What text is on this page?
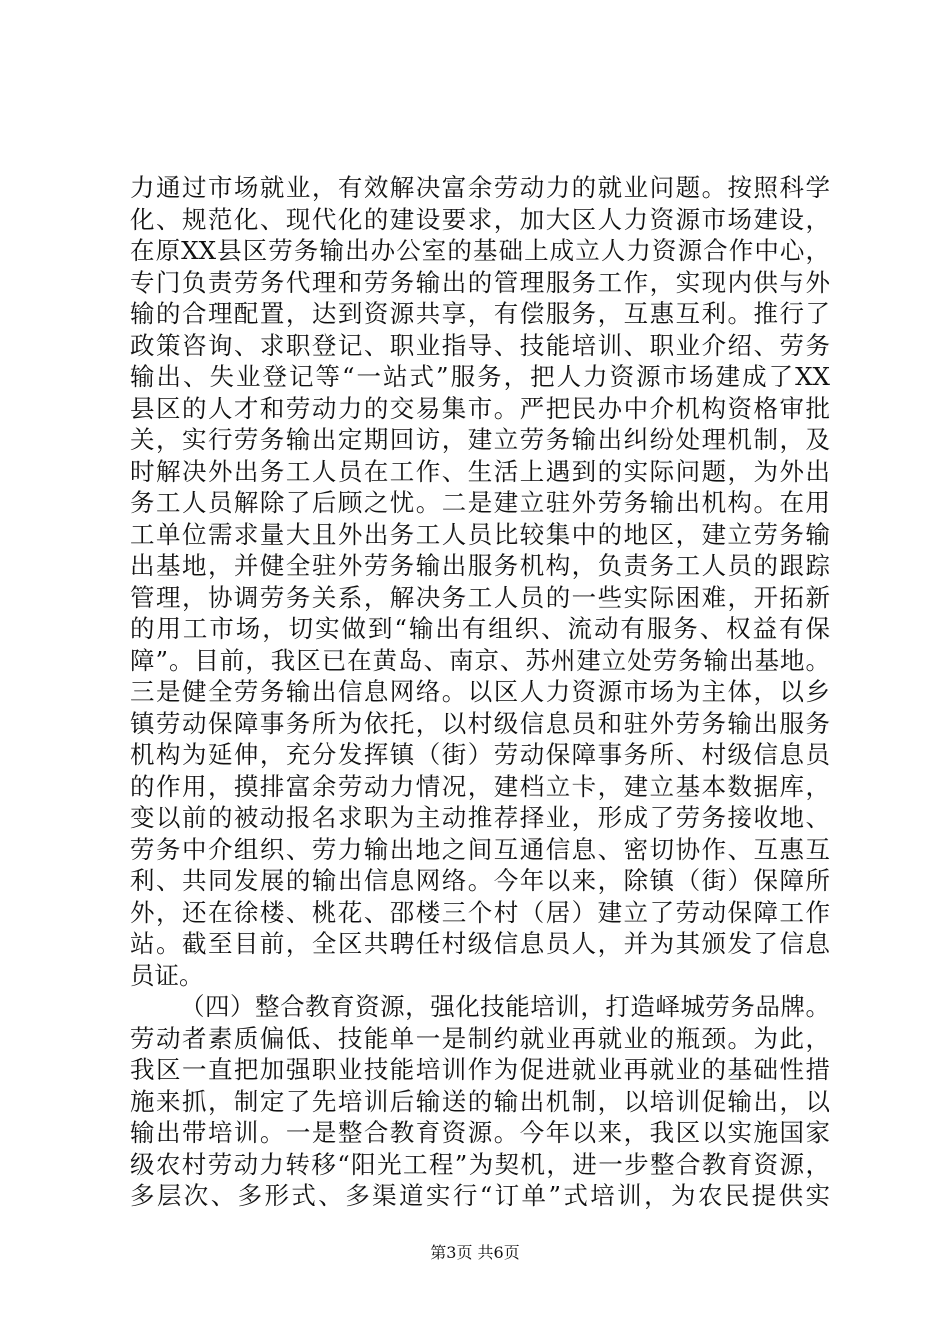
力通过市场就业，有效解决富余劳动力的就业问题。按照科学
化、规范化、现代化的建设要求，加大区人力资源市场建设，
在原XX县区劳务输出办公室的基础上成立人力资源合作中心，
专门负责劳务代理和劳务输出的管理服务工作，实现内供与外
输的合理配置，达到资源共享，有偿服务，互惠互利。推行了
政策咨询、求职登记、职业指导、技能培训、职业介绍、劳务
输出、失业登记等“一站式”服务，把人力资源市场建成了XX
县区的人才和劳动力的交易集市。严把民办中介机构资格审批
关，实行劳务输出定期回访，建立劳务输出纠纷处理机制，及
时解决外出务工人员在工作、生活上遇到的实际问题，为外出
务工人员解除了后顾之忧。二是建立驻外劳务输出机构。在用
工单位需求量大且外出务工人员比较集中的地区，建立劳务输
出基地，并健全驻外劳务输出服务机构，负责务工人员的跟踪
管理，协调劳务关系，解决务工人员的一些实际困难，开拓新
的用工市场，切实做到“输出有组织、流动有服务、权益有保
障”。目前，我区已在黄岛、南京、苏州建立处劳务输出基地。
三是健全劳务输出信息网络。以区人力资源市场为主体，以乡
镇劳动保障事务所为依托，以村级信息员和驻外劳务输出服务
机构为延伸，充分发挥镇（街）劳动保障事务所、村级信息员
的作用，摸排富余劳动力情况，建档立卡，建立基本数据库，
变以前的被动报名求职为主动推荐择业，形成了劳务接收地、
劳务中介组织、劳力输出地之间互通信息、密切协作、互惠互
利、共同发展的输出信息网络。今年以来，除镇（街）保障所
外，还在徐楼、桃花、邵楼三个村（居）建立了劳动保障工作
站。截至目前，全区共聘任村级信息员人，并为其颁发了信息
员证。
（四）整合教育资源，强化技能培训，打造峄城劳务品牌。
劳动者素质偏低、技能单一是制约就业再就业的瓶颈。为此，
我区一直把加强职业技能培训作为促进就业再就业的基础性措
施来抓，制定了先培训后输送的输出机制，以培训促输出，以
输出带培训。一是整合教育资源。今年以来，我区以实施国家
级农村劳动力转移“阳光工程”为契机，进一步整合教育资源，
多层次、多形式、多渠道实行“订单”式培训，为农民提供实
第3页 共6页
